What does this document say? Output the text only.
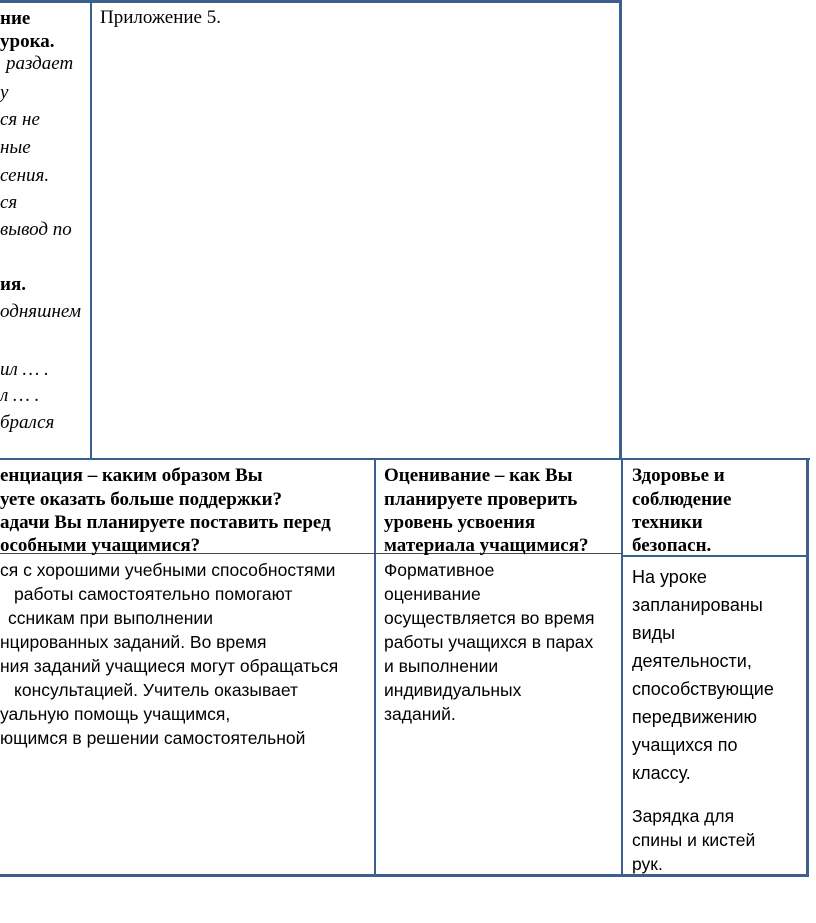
ние
урока.
раздает
у
ся не
ные
сения.
ся
вывод по
ия.
одняшнем
ил … .
л … .
брался
Приложение 5.
енциация – каким образом Вы
уете оказать больше поддержки?
адачи Вы планируете поставить перед
особными учащимися?
Оценивание – как Вы
планируете проверить
уровень усвоения
материала учащимися?
Здоровье и
соблюдение
техники
безопасн.
ся с хорошими учебными способностями
работы самостоятельно помогают
ссникам при выполнении
нцированных заданий. Во время
ния заданий учащиеся могут обращаться
консультацией. Учитель оказывает
уальную помощь учащимся,
ющимся в решении самостоятельной
Формативное
оценивание
осуществляется во время
работы учащихся в парах
и выполнении
индивидуальных
заданий.
На уроке
запланированы
виды
деятельности,
способствующие
передвижению
учащихся по
классу.
Зарядка для
спины и кистей
рук.
